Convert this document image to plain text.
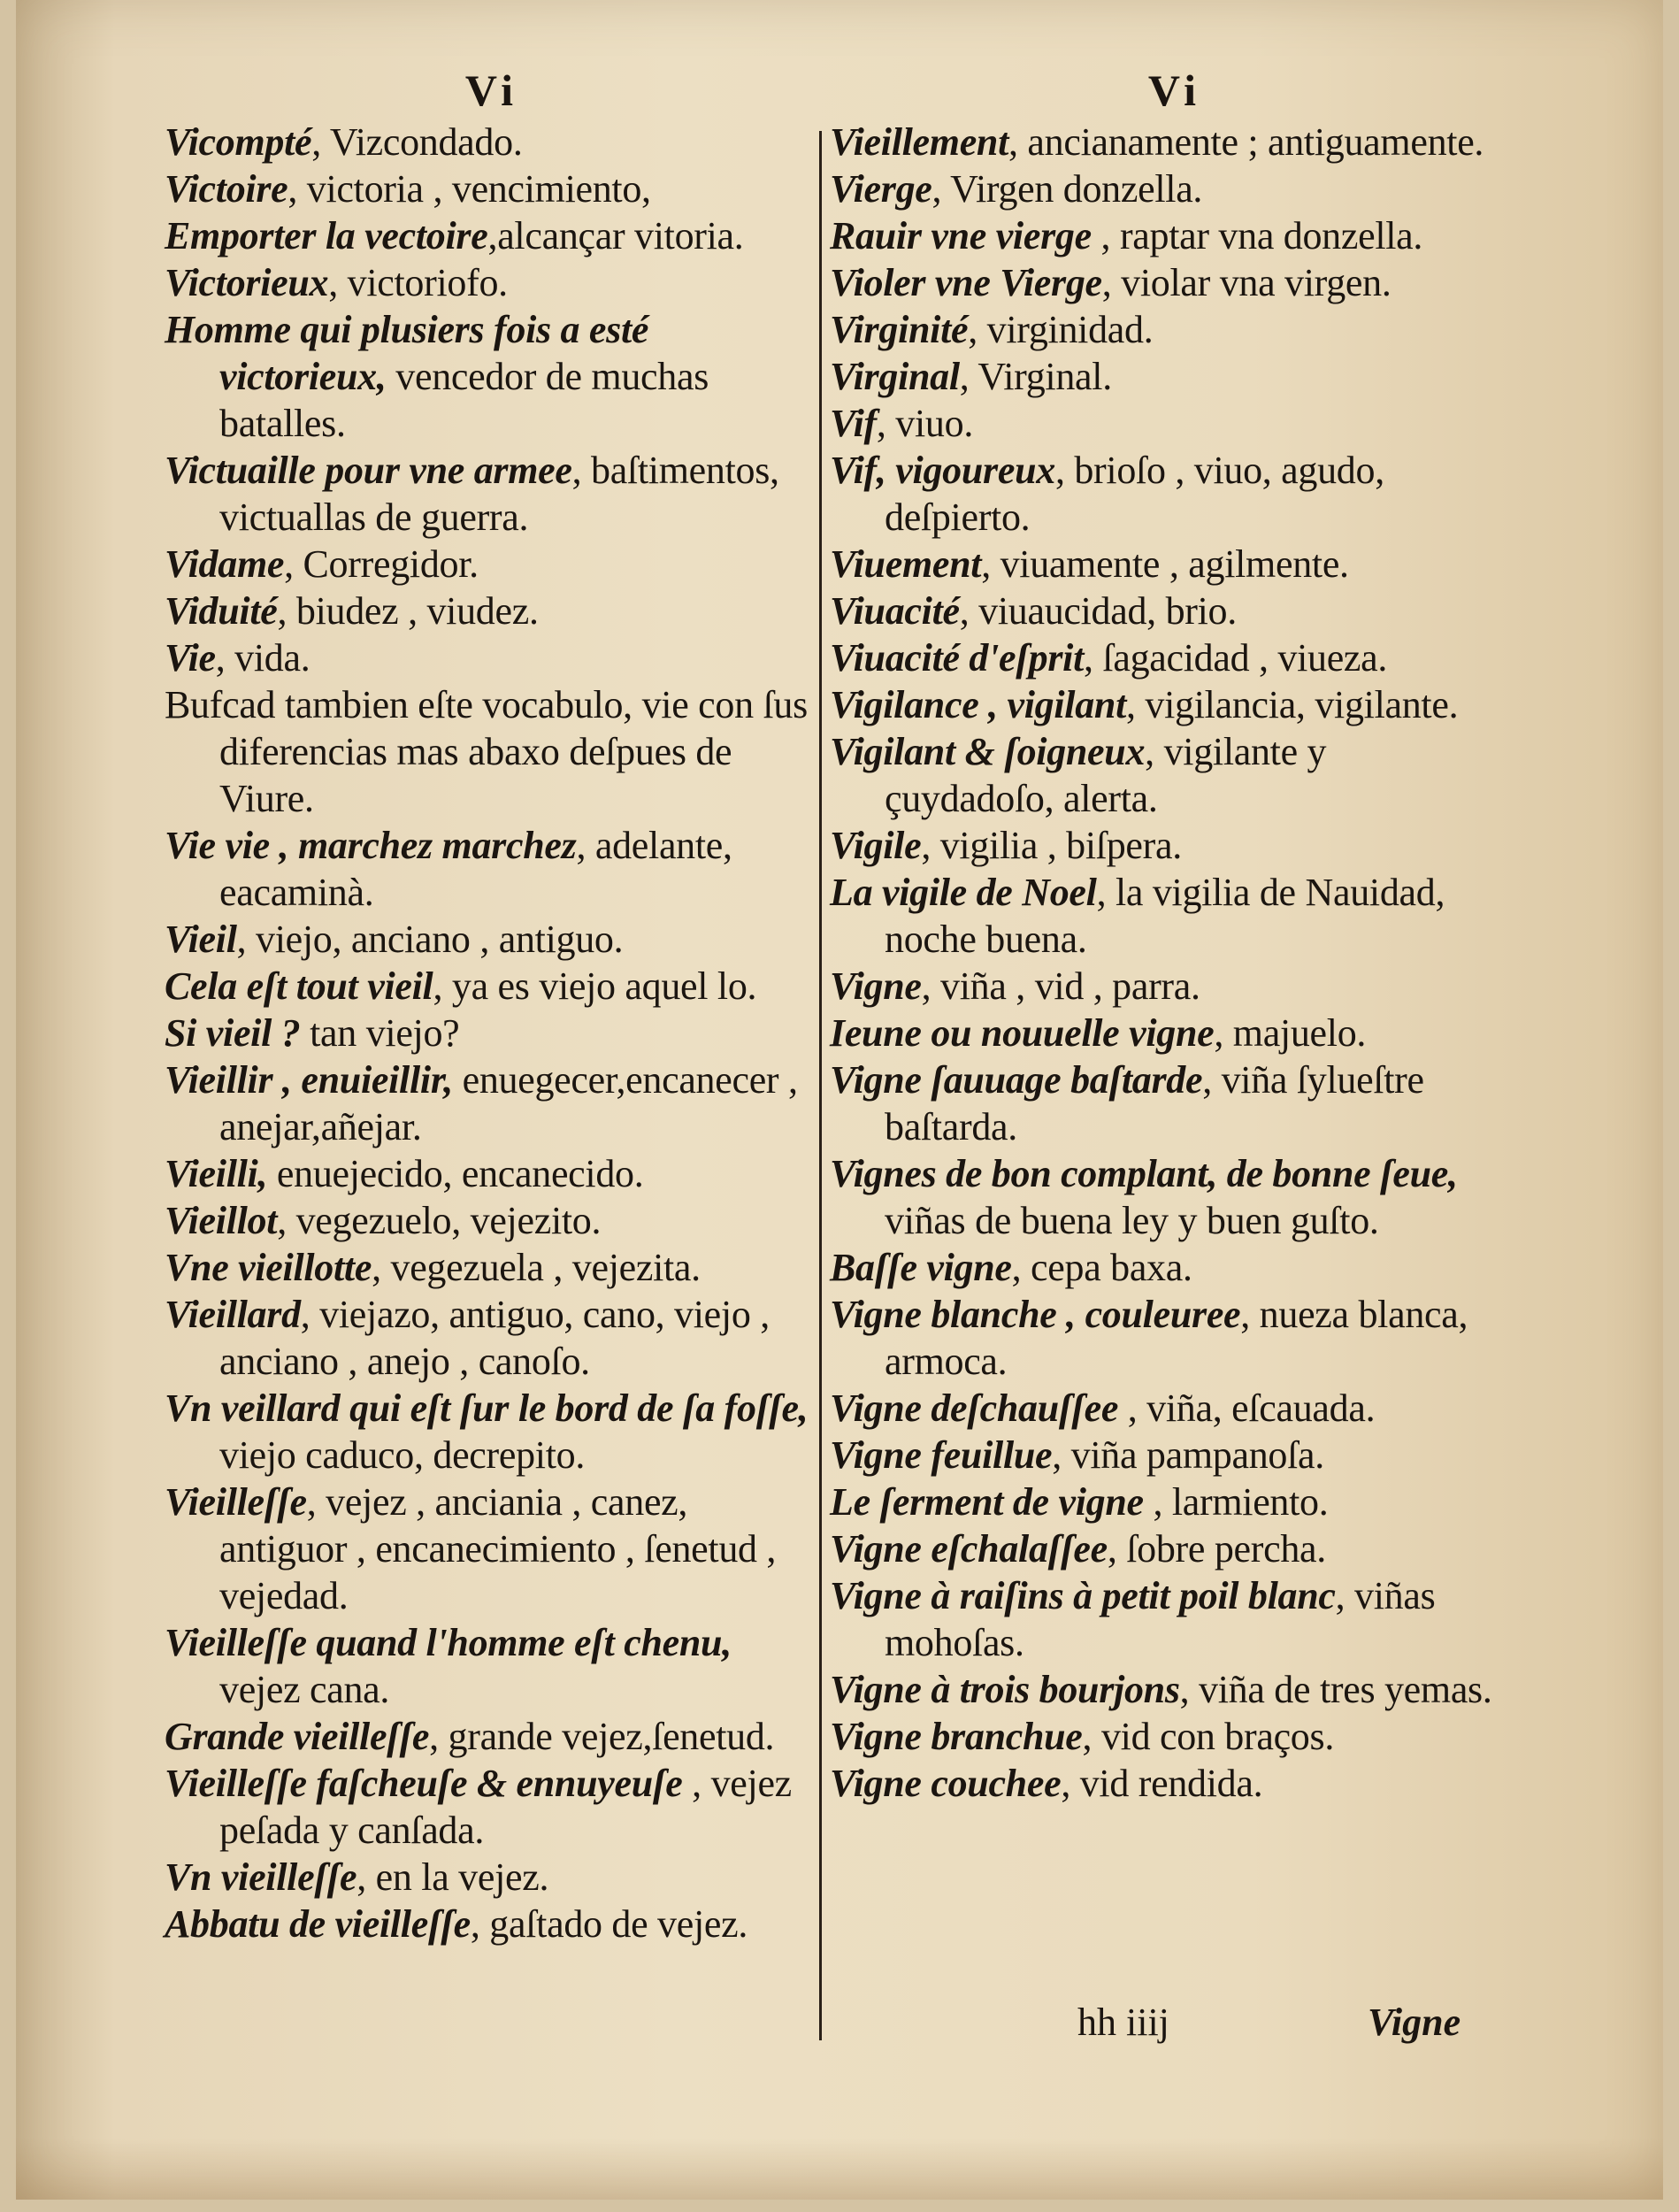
Vi

Vicompté, Vizcondado.

Victoire, victoria , vencimiento,

Emporter la vectoire,alcançar vitoria.

Victorieux, victoriofo.

Homme qui plusiers fois a esté victorieux, vencedor de muchas batalles.

Victuaille pour vne armee, baſtimentos, victuallas de guerra.

Vidame, Corregidor.

Viduité, biudez , viudez.

Vie, vida.

Bufcad tambien eſte vocabulo, vie con ſus diferencias mas abaxo deſpues de Viure.

Vie vie , marchez marchez, adelante, eacaminà.

Vieil, viejo, anciano , antiguo.

Cela eſt tout vieil, ya es viejo aquel lo.

Si vieil ? tan viejo?

Vieillir , enuieillir, enuegecer,encanecer , anejar,añejar.

Vieilli, enuejecido, encanecido.

Vieillot, vegezuelo, vejezito.

Vne vieillotte, vegezuela , vejezita.

Vieillard, viejazo, antiguo, cano, viejo , anciano , anejo , canoſo.

Vn veillard qui eſt ſur le bord de ſa foſſe, viejo caduco, decrepito.

Vieilleſſe, vejez , anciania , canez, antiguor , encanecimiento , ſenetud , vejedad.

Vieilleſſe quand l'homme eſt chenu, vejez cana.

Grande vieilleſſe, grande vejez,ſenetud.

Vieilleſſe faſcheuſe & ennuyeuſe , vejez peſada y canſada.

Vn vieilleſſe, en la vejez.

Abbatu de vieilleſſe, gaſtado de vejez.

Vi

Vieillement, ancianamente ; antiguamente.

Vierge, Virgen donzella.

Rauir vne vierge , raptar vna donzella.

Violer vne Vierge, violar vna virgen.

Virginité, virginidad.

Virginal, Virginal.

Vif, viuo.

Vif, vigoureux, brioſo , viuo, agudo, deſpierto.

Viuement, viuamente , agilmente.

Viuacité, viuaucidad, brio.

Viuacité d'eſprit, ſagacidad , viueza.

Vigilance , vigilant, vigilancia, vigilante.

Vigilant & ſoigneux, vigilante y çuydadoſo, alerta.

Vigile, vigilia , biſpera.

La vigile de Noel, la vigilia de Nauidad, noche buena.

Vigne, viña , vid , parra.

Ieune ou nouuelle vigne, majuelo.

Vigne ſauuage baſtarde, viña ſylueſtre baſtarda.

Vignes de bon complant, de bonne ſeue, viñas de buena ley y buen guſto.

Baſſe vigne, cepa baxa.

Vigne blanche , couleuree, nueza blanca, armoca.

Vigne deſchauſſee , viña, eſcauada.

Vigne feuillue, viña pampanoſa.

Le ſerment de vigne , larmiento.

Vigne eſchalaſſee, ſobre percha.

Vigne à raiſins à petit poil blanc, viñas mohoſas.

Vigne à trois bourjons, viña de tres yemas.

Vigne branchue, vid con braços.

Vigne couchee, vid rendida.

hh iiij	Vigne
